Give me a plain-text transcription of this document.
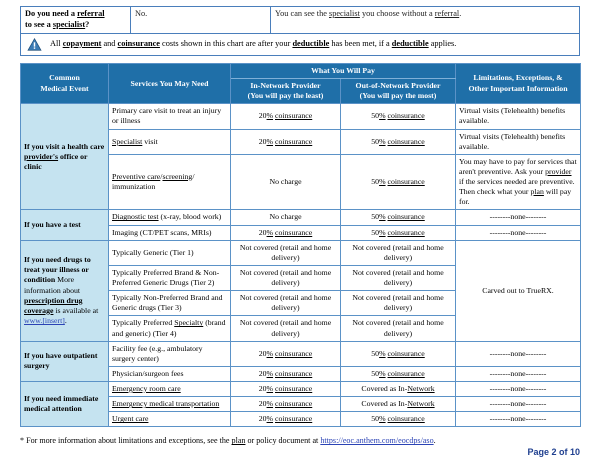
Do you need a referral
to see a specialist?	No.	You can see the specialist you choose without a referral.
All copayment and coinsurance costs shown in this chart are after your deductible has been met, if a deductible applies.
Common
Medical Event	Services You May Need	What You Will Pay		Limitations, Exceptions, &
Other Important Information
		In-Network Provider
(You will pay the least)	Out-of-Network Provider
(You will pay the most)	
If you visit a health care provider's office or clinic	Primary care visit to treat an injury or illness	20% coinsurance	50% coinsurance	Virtual visits (Telehealth) benefits available.
	Specialist visit	20% coinsurance	50% coinsurance	Virtual visits (Telehealth) benefits available.
	Preventive care/screening/
immunization	No charge	50% coinsurance	You may have to pay for services that aren't preventive. Ask your provider if the services needed are preventive. Then check what your plan will pay for.
If you have a test	Diagnostic test (x-ray, blood work)	No charge	50% coinsurance	--------none--------
	Imaging (CT/PET scans, MRIs)	20% coinsurance	50% coinsurance	--------none--------
If you need drugs to treat your illness or condition More information about prescription drug coverage is available at www.[insert].	Typically Generic (Tier 1)	Not covered (retail and home delivery)	Not covered (retail and home delivery)	Carved out to TrueRX.
	Typically Preferred Brand & Non-Preferred Generic Drugs (Tier 2)	Not covered (retail and home delivery)	Not covered (retail and home delivery)	
	Typically Non-Preferred Brand and Generic drugs (Tier 3)	Not covered (retail and home delivery)	Not covered (retail and home delivery)	
	Typically Preferred Specialty (brand and generic) (Tier 4)	Not covered (retail and home delivery)	Not covered (retail and home delivery)	
If you have outpatient surgery	Facility fee (e.g., ambulatory surgery center)	20% coinsurance	50% coinsurance	--------none--------
	Physician/surgeon fees	20% coinsurance	50% coinsurance	--------none--------
If you need immediate medical attention	Emergency room care	20% coinsurance	Covered as In-Network	--------none--------
	Emergency medical transportation	20% coinsurance	Covered as In-Network	--------none--------
	Urgent care	20% coinsurance	50% coinsurance	--------none--------
* For more information about limitations and exceptions, see the plan or policy document at https://eoc.anthem.com/eocdps/aso.
Page 2 of 10
